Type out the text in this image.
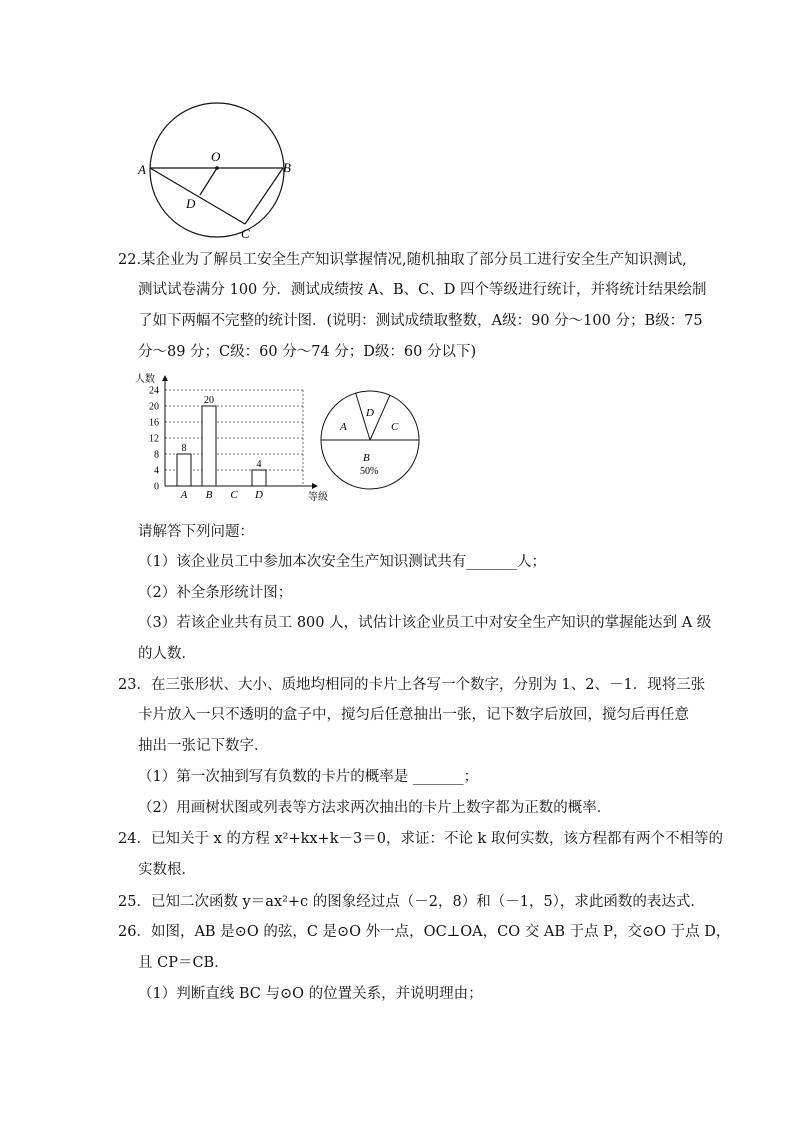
A	B
O
D
C
22.某企业为了解员工安全生产知识掌握情况,随机抽取了部分员工进行安全生产知识测试,
测试试卷满分 100 分．测试成绩按 A、B、C、D 四个等级进行统计，并将统计结果绘制
了如下两幅不完整的统计图．(说明：测试成绩取整数，A级：90 分～100 分；B级：75
分～89 分；C级：60 分～74 分；D级：60 分以下)
0
4
8
12
16
20
24
人数
等级
A
8
B
20
C D
4
A
D
C
B
50%
请解答下列问题：
（1）该企业员工中参加本次安全生产知识测试共有_______人；
（2）补全条形统计图；
（3）若该企业共有员工 800 人，试估计该企业员工中对安全生产知识的掌握能达到 A 级
的人数．
23．在三张形状、大小、质地均相同的卡片上各写一个数字，分别为 1、2、－1．现将三张
卡片放入一只不透明的盒子中，搅匀后任意抽出一张，记下数字后放回，搅匀后再任意
抽出一张记下数字．
（1）第一次抽到写有负数的卡片的概率是 _______；
（2）用画树状图或列表等方法求两次抽出的卡片上数字都为正数的概率．
24．已知关于 x 的方程 x²+kx+k－3＝0，求证：不论 k 取何实数，该方程都有两个不相等的
实数根．
25．已知二次函数 y＝ax²+c 的图象经过点（－2，8）和（－1，5），求此函数的表达式．
26．如图，AB 是⊙O 的弦，C 是⊙O 外一点，OC⊥OA，CO 交 AB 于点 P，交⊙O 于点 D，
且 CP＝CB．
（1）判断直线 BC 与⊙O 的位置关系，并说明理由；
